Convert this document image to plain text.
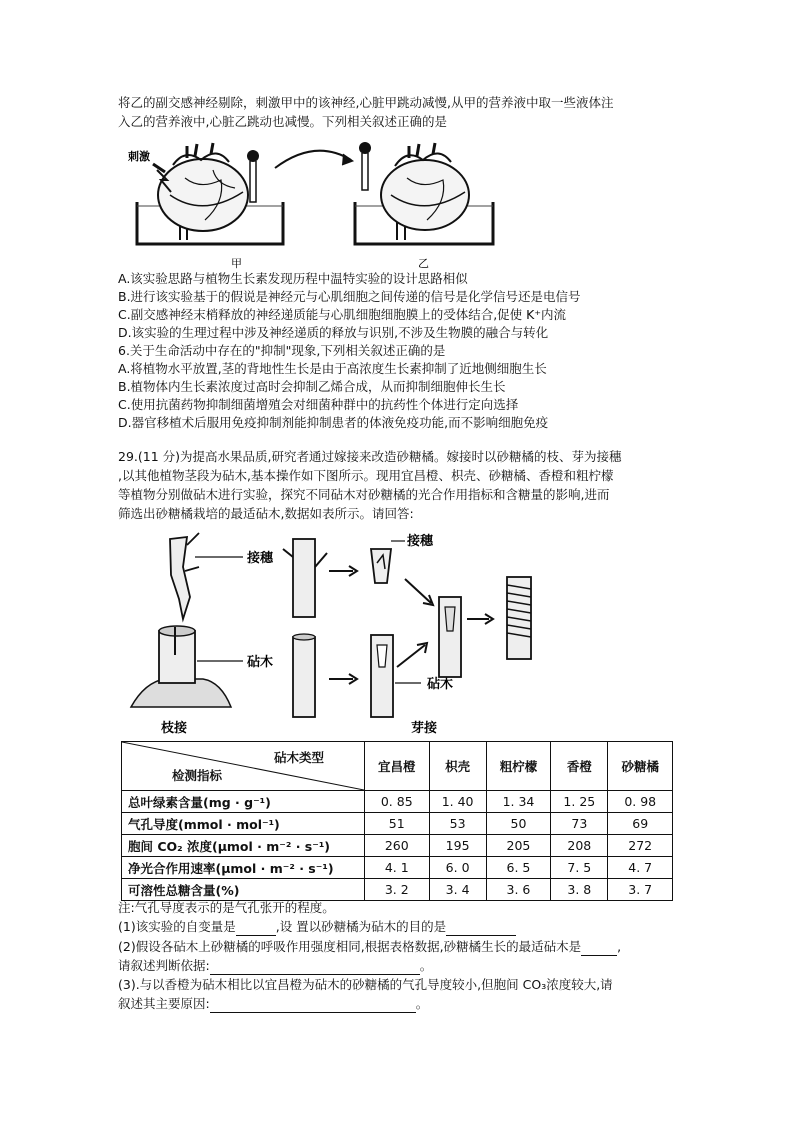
将乙的副交感神经剔除，刺激甲中的该神经,心脏甲跳动减慢,从甲的营养液中取一些液体注
入乙的营养液中,心脏乙跳动也减慢。下列相关叙述正确的是
刺激
甲	乙
A.该实验思路与植物生长素发现历程中温特实验的设计思路相似
B.进行该实验基于的假说是神经元与心肌细胞之间传递的信号是化学信号还是电信号
C.副交感神经末梢释放的神经递质能与心肌细胞细胞膜上的受体结合,促使 K⁺内流
D.该实验的生理过程中涉及神经递质的释放与识别,不涉及生物膜的融合与转化
6.关于生命活动中存在的"抑制"现象,下列相关叙述正确的是
A.将植物水平放置,茎的背地性生长是由于高浓度生长素抑制了近地侧细胞生长
B.植物体内生长素浓度过高时会抑制乙烯合成，从而抑制细胞伸长生长
C.使用抗菌药物抑制细菌增殖会对细菌种群中的抗药性个体进行定向选择
D.器官移植术后服用免疫抑制剂能抑制患者的体液免疫功能,而不影响细胞免疫
29.(11 分)为提高水果品质,研究者通过嫁接来改造砂糖橘。嫁接时以砂糖橘的枝、芽为接穗
,以其他植物茎段为砧木,基本操作如下图所示。现用宜昌橙、枳壳、砂糖橘、香橙和粗柠檬
等植物分别做砧木进行实验，探究不同砧木对砂糖橘的光合作用指标和含糖量的影响,进而
筛选出砂糖橘栽培的最适砧木,数据如表所示。请回答:
接穗
砧木
枝接
接穗
砧木
芽接
砧木类型
检测指标	宜昌橙	枳壳	粗柠檬	香橙	砂糖橘
总叶绿素含量(mg · g⁻¹)	0. 85	1. 40	1. 34	1. 25	0. 98
气孔导度(mmol · mol⁻¹)	51	53	50	73	69
胞间 CO₂ 浓度(μmol · m⁻² · s⁻¹)	260	195	205	208	272
净光合作用速率(μmol · m⁻² · s⁻¹)	4. 1	6. 0	6. 5	7. 5	4. 7
可溶性总糖含量(%)	3. 2	3. 4	3. 6	3. 8	3. 7
注:气孔导度表示的是气孔张开的程度。
(1)该实验的自变量是	,设 置以砂糖橘为砧木的目的是
(2)假设各砧木上砂糖橘的呼吸作用强度相同,根据表格数据,砂糖橘生长的最适砧木是	,
请叙述判断依据:	。
(3).与以香橙为砧木相比以宜昌橙为砧木的砂糖橘的气孔导度较小,但胞间 CO₃浓度较大,请
叙述其主要原因:	。
